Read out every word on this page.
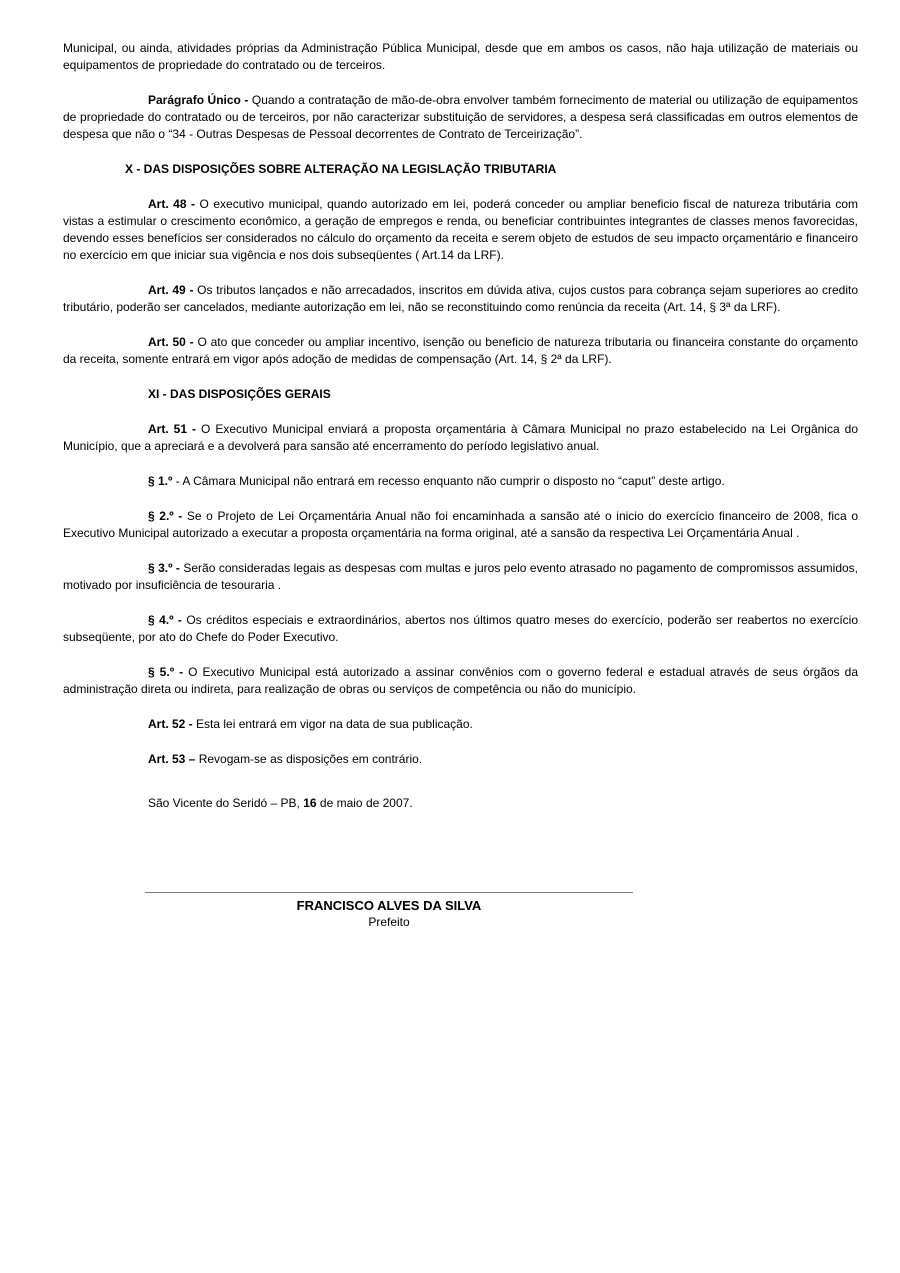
Municipal, ou ainda, atividades próprias da Administração Pública Municipal, desde que em ambos os casos, não haja utilização de materiais ou equipamentos de propriedade do contratado ou de terceiros.

Parágrafo Único - Quando a contratação de mão-de-obra envolver também fornecimento de material ou utilização de equipamentos de propriedade do contratado ou de terceiros, por não caracterizar substituição de servidores, a despesa será classificadas em outros elementos de despesa que não o “34 - Outras Despesas de Pessoal decorrentes de Contrato de Terceirização”.

X - DAS DISPOSIÇÕES SOBRE ALTERAÇÃO NA LEGISLAÇÃO TRIBUTARIA

Art. 48 - O executivo municipal, quando autorizado em lei, poderá conceder ou ampliar beneficio fiscal de natureza tributária com vistas a estimular o crescimento econômico, a geração de empregos e renda, ou beneficiar contribuintes integrantes de classes menos favorecidas, devendo esses benefícios ser considerados no cálculo do orçamento da receita e serem objeto de estudos de seu impacto orçamentário e financeiro no exercício em que iniciar sua vigência e nos dois subseqüentes ( Art.14 da LRF).

Art. 49 - Os tributos lançados e não arrecadados, inscritos em dúvida ativa, cujos custos para cobrança sejam superiores ao credito tributário, poderão ser cancelados, mediante autorização em lei, não se reconstituindo como renúncia da receita (Art. 14, § 3ª da LRF).

Art. 50 - O ato que conceder ou ampliar incentivo, isenção ou beneficio de natureza tributaria ou financeira constante do orçamento da receita, somente entrará em vigor após adoção de medidas de compensação (Art. 14, § 2ª da LRF).

XI - DAS DISPOSIÇÕES GERAIS

Art. 51 - O Executivo Municipal enviará a proposta orçamentária à Câmara Municipal no prazo estabelecido na Lei Orgânica do Município, que a apreciará e a devolverá para sansão até encerramento do período legislativo anual.

§ 1.º - A Câmara Municipal não entrará em recesso enquanto não cumprir o disposto no “caput” deste artigo.

§ 2.º - Se o Projeto de Lei Orçamentária Anual não foi encaminhada a sansão até o inicio do exercício financeiro de 2008, fica o Executivo Municipal autorizado a executar a proposta orçamentária na forma original, até a sansão da respectiva Lei Orçamentária Anual .

§ 3.º - Serão consideradas legais as despesas com multas e juros pelo evento atrasado no pagamento de compromissos assumidos, motivado por insuficiência de tesouraria .

§ 4.º - Os créditos especiais e extraordinários, abertos nos últimos quatro meses do exercício, poderão ser reabertos no exercício subseqüente, por ato do Chefe do Poder Executivo.

§ 5.º - O Executivo Municipal está autorizado a assinar convênios com o governo federal e estadual através de seus órgãos da administração direta ou indireta, para realização de obras ou serviços de competência ou não do município.

Art. 52 - Esta lei entrará em vigor na data de sua publicação.

Art. 53 – Revogam-se as disposições em contrário.

São Vicente do Seridó – PB, 16 de maio de 2007.

FRANCISCO ALVES DA SILVA
Prefeito
